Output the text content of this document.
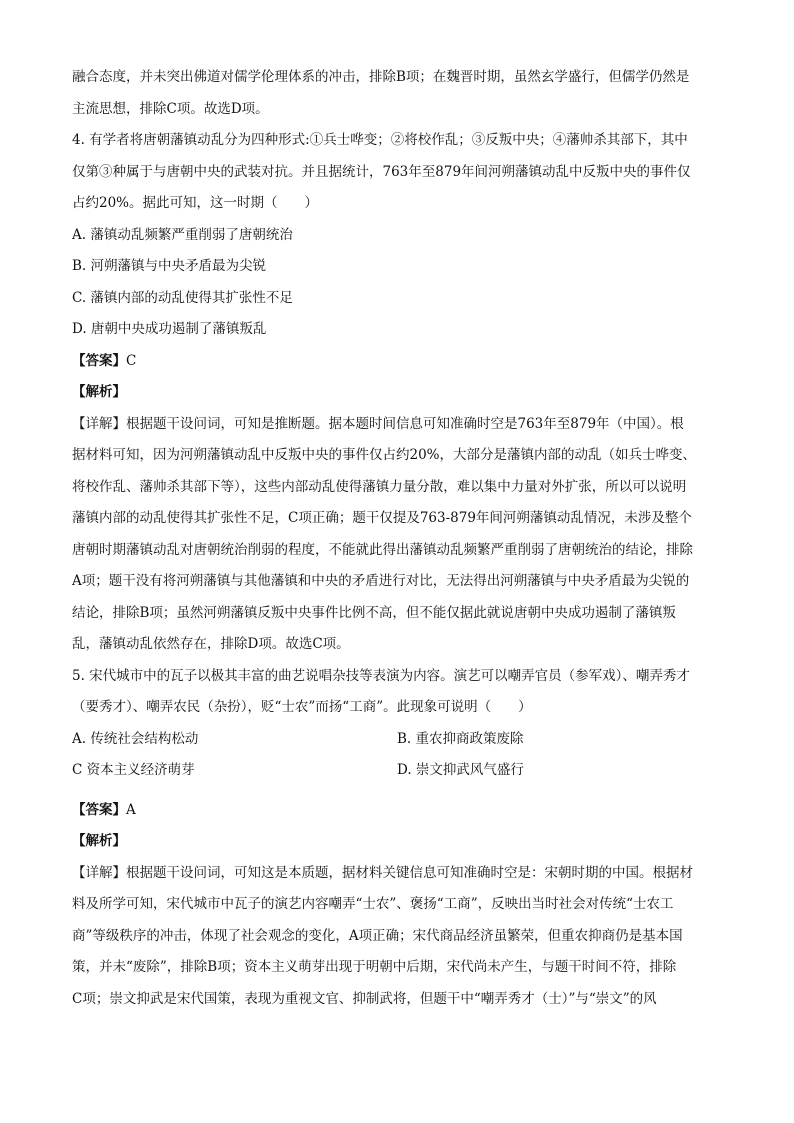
融合态度，并未突出佛道对儒学伦理体系的冲击，排除B项；在魏晋时期，虽然玄学盛行，但儒学仍然是
主流思想，排除C项。故选D项。
4. 有学者将唐朝藩镇动乱分为四种形式:①兵士哗变；②将校作乱；③反叛中央；④藩帅杀其部下，其中
仅第③种属于与唐朝中央的武装对抗。并且据统计，763年至879年间河朔藩镇动乱中反叛中央的事件仅
占约20%。据此可知，这一时期（　　）
A. 藩镇动乱频繁严重削弱了唐朝统治
B. 河朔藩镇与中央矛盾最为尖锐
C. 藩镇内部的动乱使得其扩张性不足
D. 唐朝中央成功遏制了藩镇叛乱
【答案】C
【解析】
【详解】根据题干设问词，可知是推断题。据本题时间信息可知准确时空是763年至879年（中国）。根
据材料可知，因为河朔藩镇动乱中反叛中央的事件仅占约20%，大部分是藩镇内部的动乱（如兵士哗变、
将校作乱、藩帅杀其部下等），这些内部动乱使得藩镇力量分散，难以集中力量对外扩张，所以可以说明
藩镇内部的动乱使得其扩张性不足，C项正确；题干仅提及763-879年间河朔藩镇动乱情况，未涉及整个
唐朝时期藩镇动乱对唐朝统治削弱的程度，不能就此得出藩镇动乱频繁严重削弱了唐朝统治的结论，排除
A项；题干没有将河朔藩镇与其他藩镇和中央的矛盾进行对比，无法得出河朔藩镇与中央矛盾最为尖锐的
结论，排除B项；虽然河朔藩镇反叛中央事件比例不高，但不能仅据此就说唐朝中央成功遏制了藩镇叛
乱，藩镇动乱依然存在，排除D项。故选C项。
5. 宋代城市中的瓦子以极其丰富的曲艺说唱杂技等表演为内容。演艺可以嘲弄官员（参军戏）、嘲弄秀才
（要秀才）、嘲弄农民（杂扮），贬“士农”而扬“工商”。此现象可说明（　　）
A. 传统社会结构松动	B. 重农抑商政策废除
C 资本主义经济萌芽	D. 崇文抑武风气盛行
【答案】A
【解析】
【详解】根据题干设问词，可知这是本质题，据材料关键信息可知准确时空是：宋朝时期的中国。根据材
料及所学可知，宋代城市中瓦子的演艺内容嘲弄“士农”、褒扬“工商”，反映出当时社会对传统“士农工
商”等级秩序的冲击，体现了社会观念的变化，A项正确；宋代商品经济虽繁荣，但重农抑商仍是基本国
策，并未“废除”，排除B项；资本主义萌芽出现于明朝中后期，宋代尚未产生，与题干时间不符，排除
C项；崇文抑武是宋代国策，表现为重视文官、抑制武将，但题干中“嘲弄秀才（士）”与“崇文”的风
